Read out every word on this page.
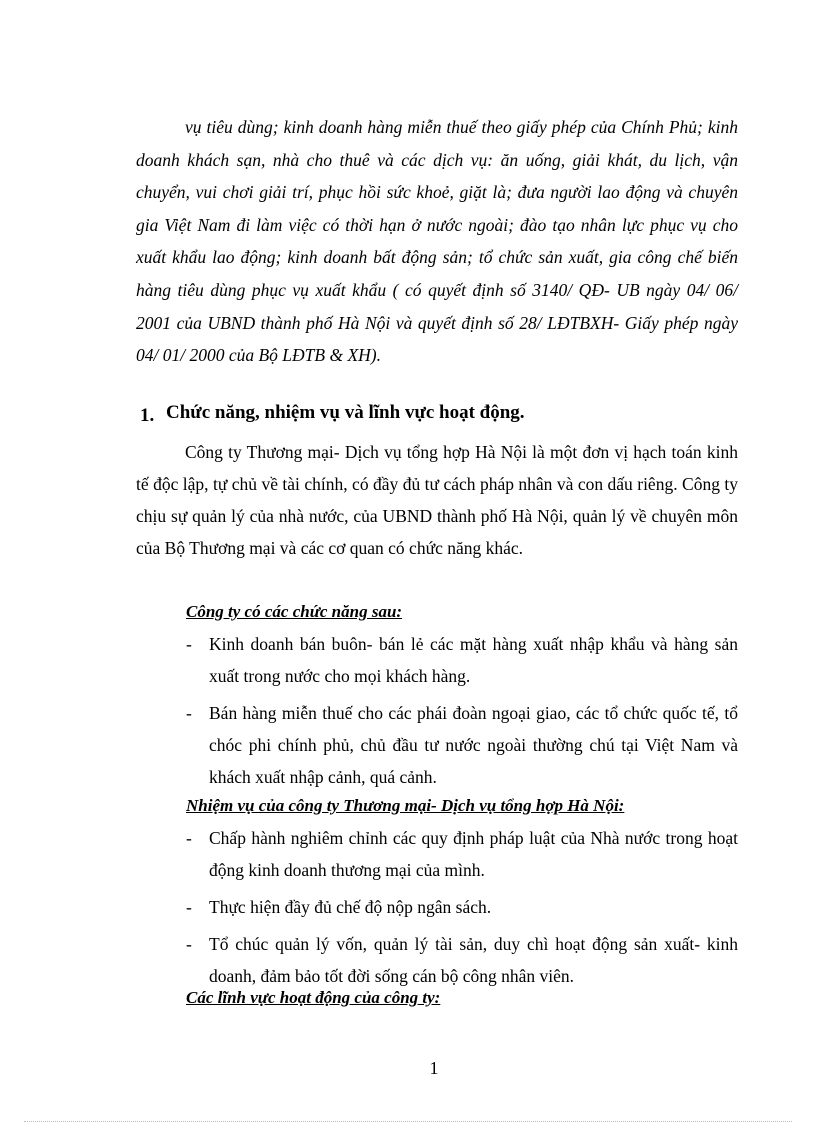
vụ tiêu dùng; kinh doanh hàng miễn thuế theo giấy phép của Chính Phủ; kinh doanh khách sạn, nhà cho thuê và các dịch vụ: ăn uống, giải khát, du lịch, vận chuyển, vui chơi giải trí, phục hồi sức khoẻ, giặt là; đưa người lao động và chuyên gia Việt Nam đi làm việc có thời hạn ở nước ngoài; đào tạo nhân lực phục vụ cho xuất khẩu lao động; kinh doanh bất động sản; tổ chức sản xuất, gia công chế biến hàng tiêu dùng phục vụ xuất khẩu ( có quyết định số 3140/ QĐ- UB ngày 04/ 06/ 2001 của UBND thành phố Hà Nội và quyết định số 28/ LĐTBXH- Giấy phép ngày 04/ 01/ 2000 của Bộ LĐTB & XH).

1. Chức năng, nhiệm vụ và lĩnh vực hoạt động.

Công ty Thương mại- Dịch vụ tổng hợp Hà Nội là một đơn vị hạch toán kinh tế độc lập, tự chủ về tài chính, có đầy đủ tư cách pháp nhân và con dấu riêng. Công ty chịu sự quản lý của nhà nước, của UBND thành phố Hà Nội, quản lý về chuyên môn của Bộ Thương mại và các cơ quan có chức năng khác.

Công ty có các chức năng sau:

- Kinh doanh bán buôn- bán lẻ các mặt hàng xuất nhập khẩu và hàng sản xuất trong nước cho mọi khách hàng.
- Bán hàng miễn thuế cho các phái đoàn ngoại giao, các tổ chức quốc tế, tổ chóc phi chính phủ, chủ đầu tư nước ngoài thường chú tại Việt Nam và khách xuất nhập cảnh, quá cảnh.

Nhiệm vụ của công ty Thương mại- Dịch vụ tổng hợp Hà Nội:

- Chấp hành nghiêm chỉnh các quy định pháp luật của Nhà nước trong hoạt động kinh doanh thương mại của mình.
- Thực hiện đầy đủ chế độ nộp ngân sách.
- Tổ chúc quản lý vốn, quản lý tài sản, duy chì hoạt động sản xuất- kinh doanh, đảm bảo tốt đời sống cán bộ công nhân viên.

Các lĩnh vực hoạt động của công ty:

1
